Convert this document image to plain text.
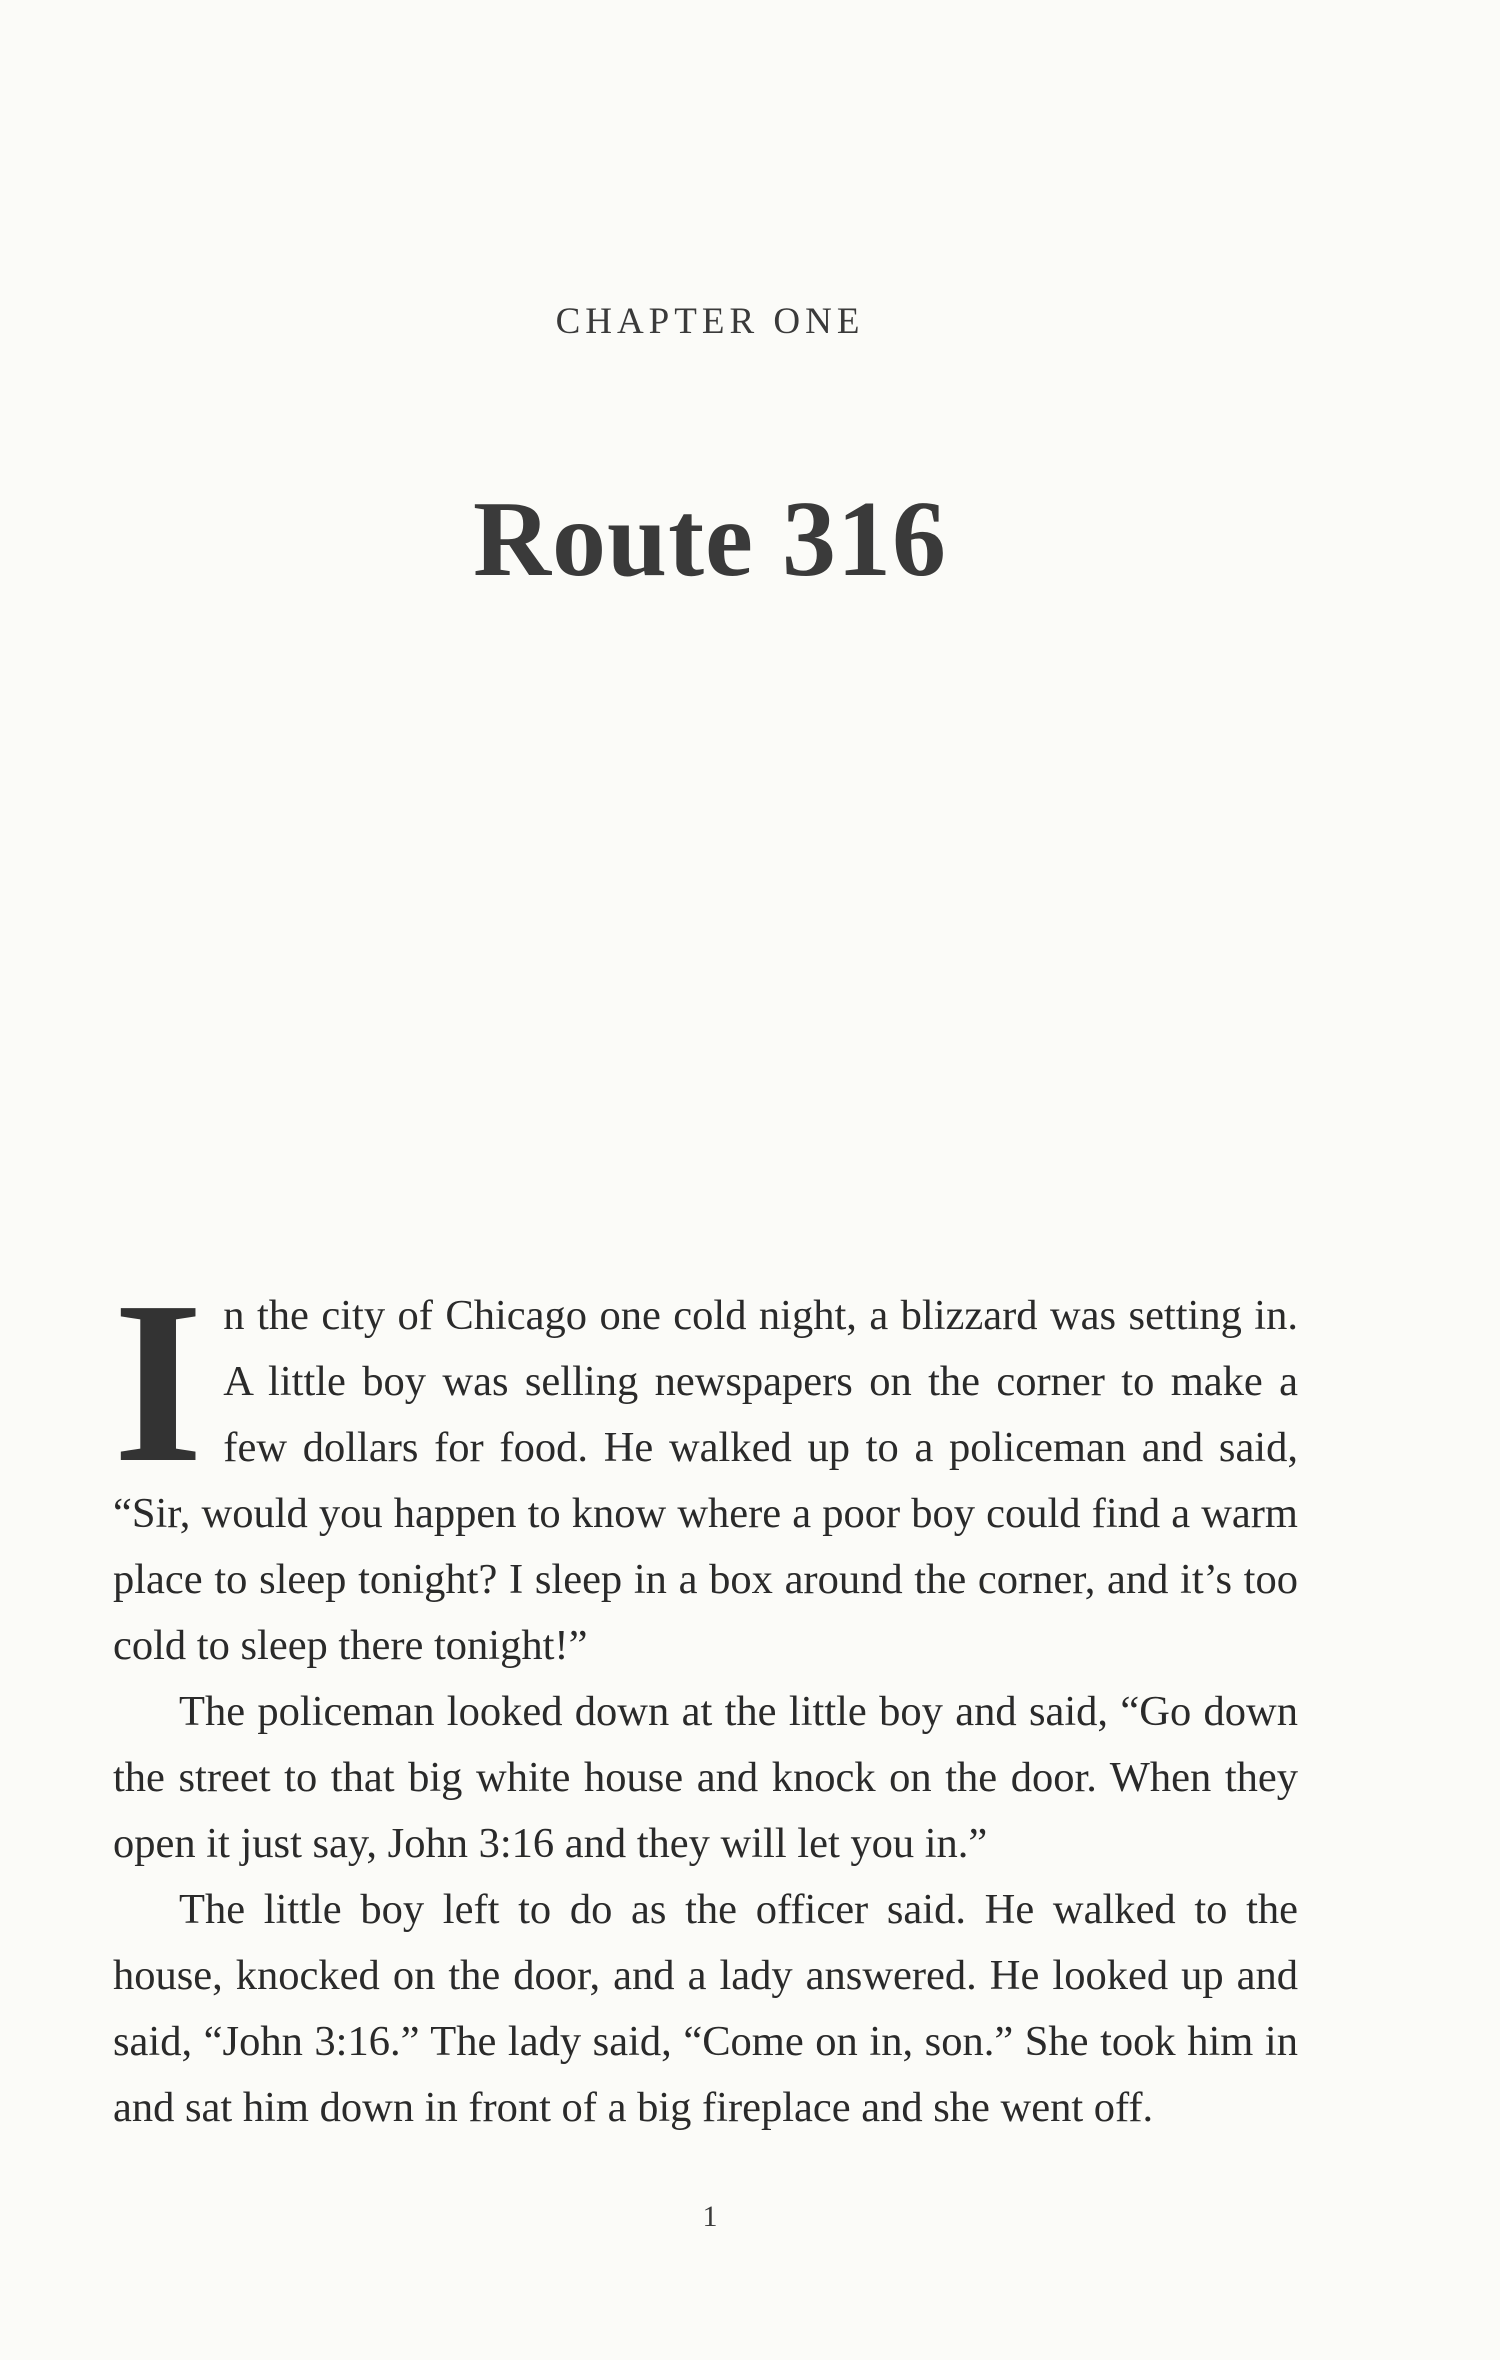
CHAPTER ONE
Route 316

In the city of Chicago one cold night, a blizzard was setting in. A little boy was selling newspapers on the corner to make a few dollars for food. He walked up to a policeman and said, “Sir, would you happen to know where a poor boy could find a warm place to sleep tonight? I sleep in a box around the corner, and it’s too cold to sleep there tonight!”

The policeman looked down at the little boy and said, “Go down the street to that big white house and knock on the door. When they open it just say, John 3:16 and they will let you in.”

The little boy left to do as the officer said. He walked to the house, knocked on the door, and a lady answered. He looked up and said, “John 3:16.” The lady said, “Come on in, son.” She took him in and sat him down in front of a big fireplace and she went off.

1
